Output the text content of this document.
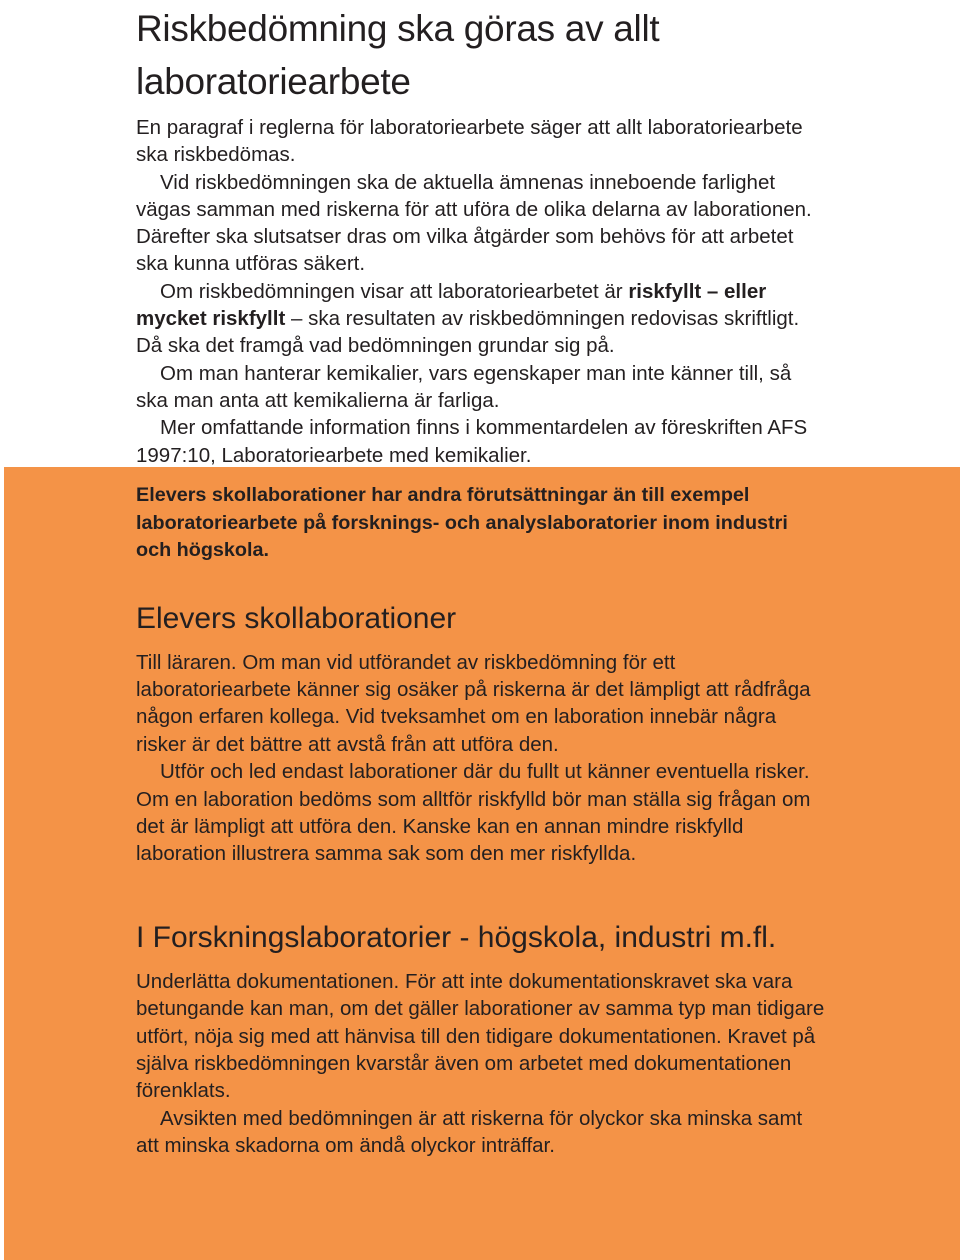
Riskbedömning ska göras av allt laboratoriearbete

En paragraf i reglerna för laboratoriearbete säger att allt laboratoriearbete ska riskbedömas.

Vid riskbedömningen ska de aktuella ämnenas inneboende farlighet vägas samman med riskerna för att uföra de olika delarna av laborationen. Därefter ska slutsatser dras om vilka åtgärder som behövs för att arbetet ska kunna utföras säkert.

Om riskbedömningen visar att laboratoriearbetet är riskfyllt – eller mycket riskfyllt – ska resultaten av riskbedömningen redovisas skriftligt. Då ska det framgå vad bedömningen grundar sig på.

Om man hanterar kemikalier, vars egenskaper man inte känner till, så ska man anta att kemikalierna är farliga.

Mer omfattande information finns i kommentardelen av föreskriften AFS 1997:10, Laboratoriearbete med kemikalier.

Elevers skollaborationer har andra förutsättningar än till exempel laboratoriearbete på forsknings- och analyslaboratorier inom industri och högskola.

Elevers skollaborationer

Till läraren. Om man vid utförandet av riskbedömning för ett laboratoriearbete känner sig osäker på riskerna är det lämpligt att rådfråga någon erfaren kollega. Vid tveksamhet om en laboration innebär några risker är det bättre att avstå från att utföra den.

Utför och led endast laborationer där du fullt ut känner eventuella risker. Om en laboration bedöms som alltför riskfylld bör man ställa sig frågan om det är lämpligt att utföra den. Kanske kan en annan mindre riskfylld laboration illustrera samma sak som den mer riskfyllda.

I Forskningslaboratorier - högskola, industri m.fl.

Underlätta dokumentationen. För att inte dokumentationskravet ska vara betungande kan man, om det gäller laborationer av samma typ man tidigare utfört, nöja sig med att hänvisa till den tidigare dokumentationen. Kravet på själva riskbedömningen kvarstår även om arbetet med dokumentationen förenklats.

Avsikten med bedömningen är att riskerna för olyckor ska minska samt att minska skadorna om ändå olyckor inträffar.
